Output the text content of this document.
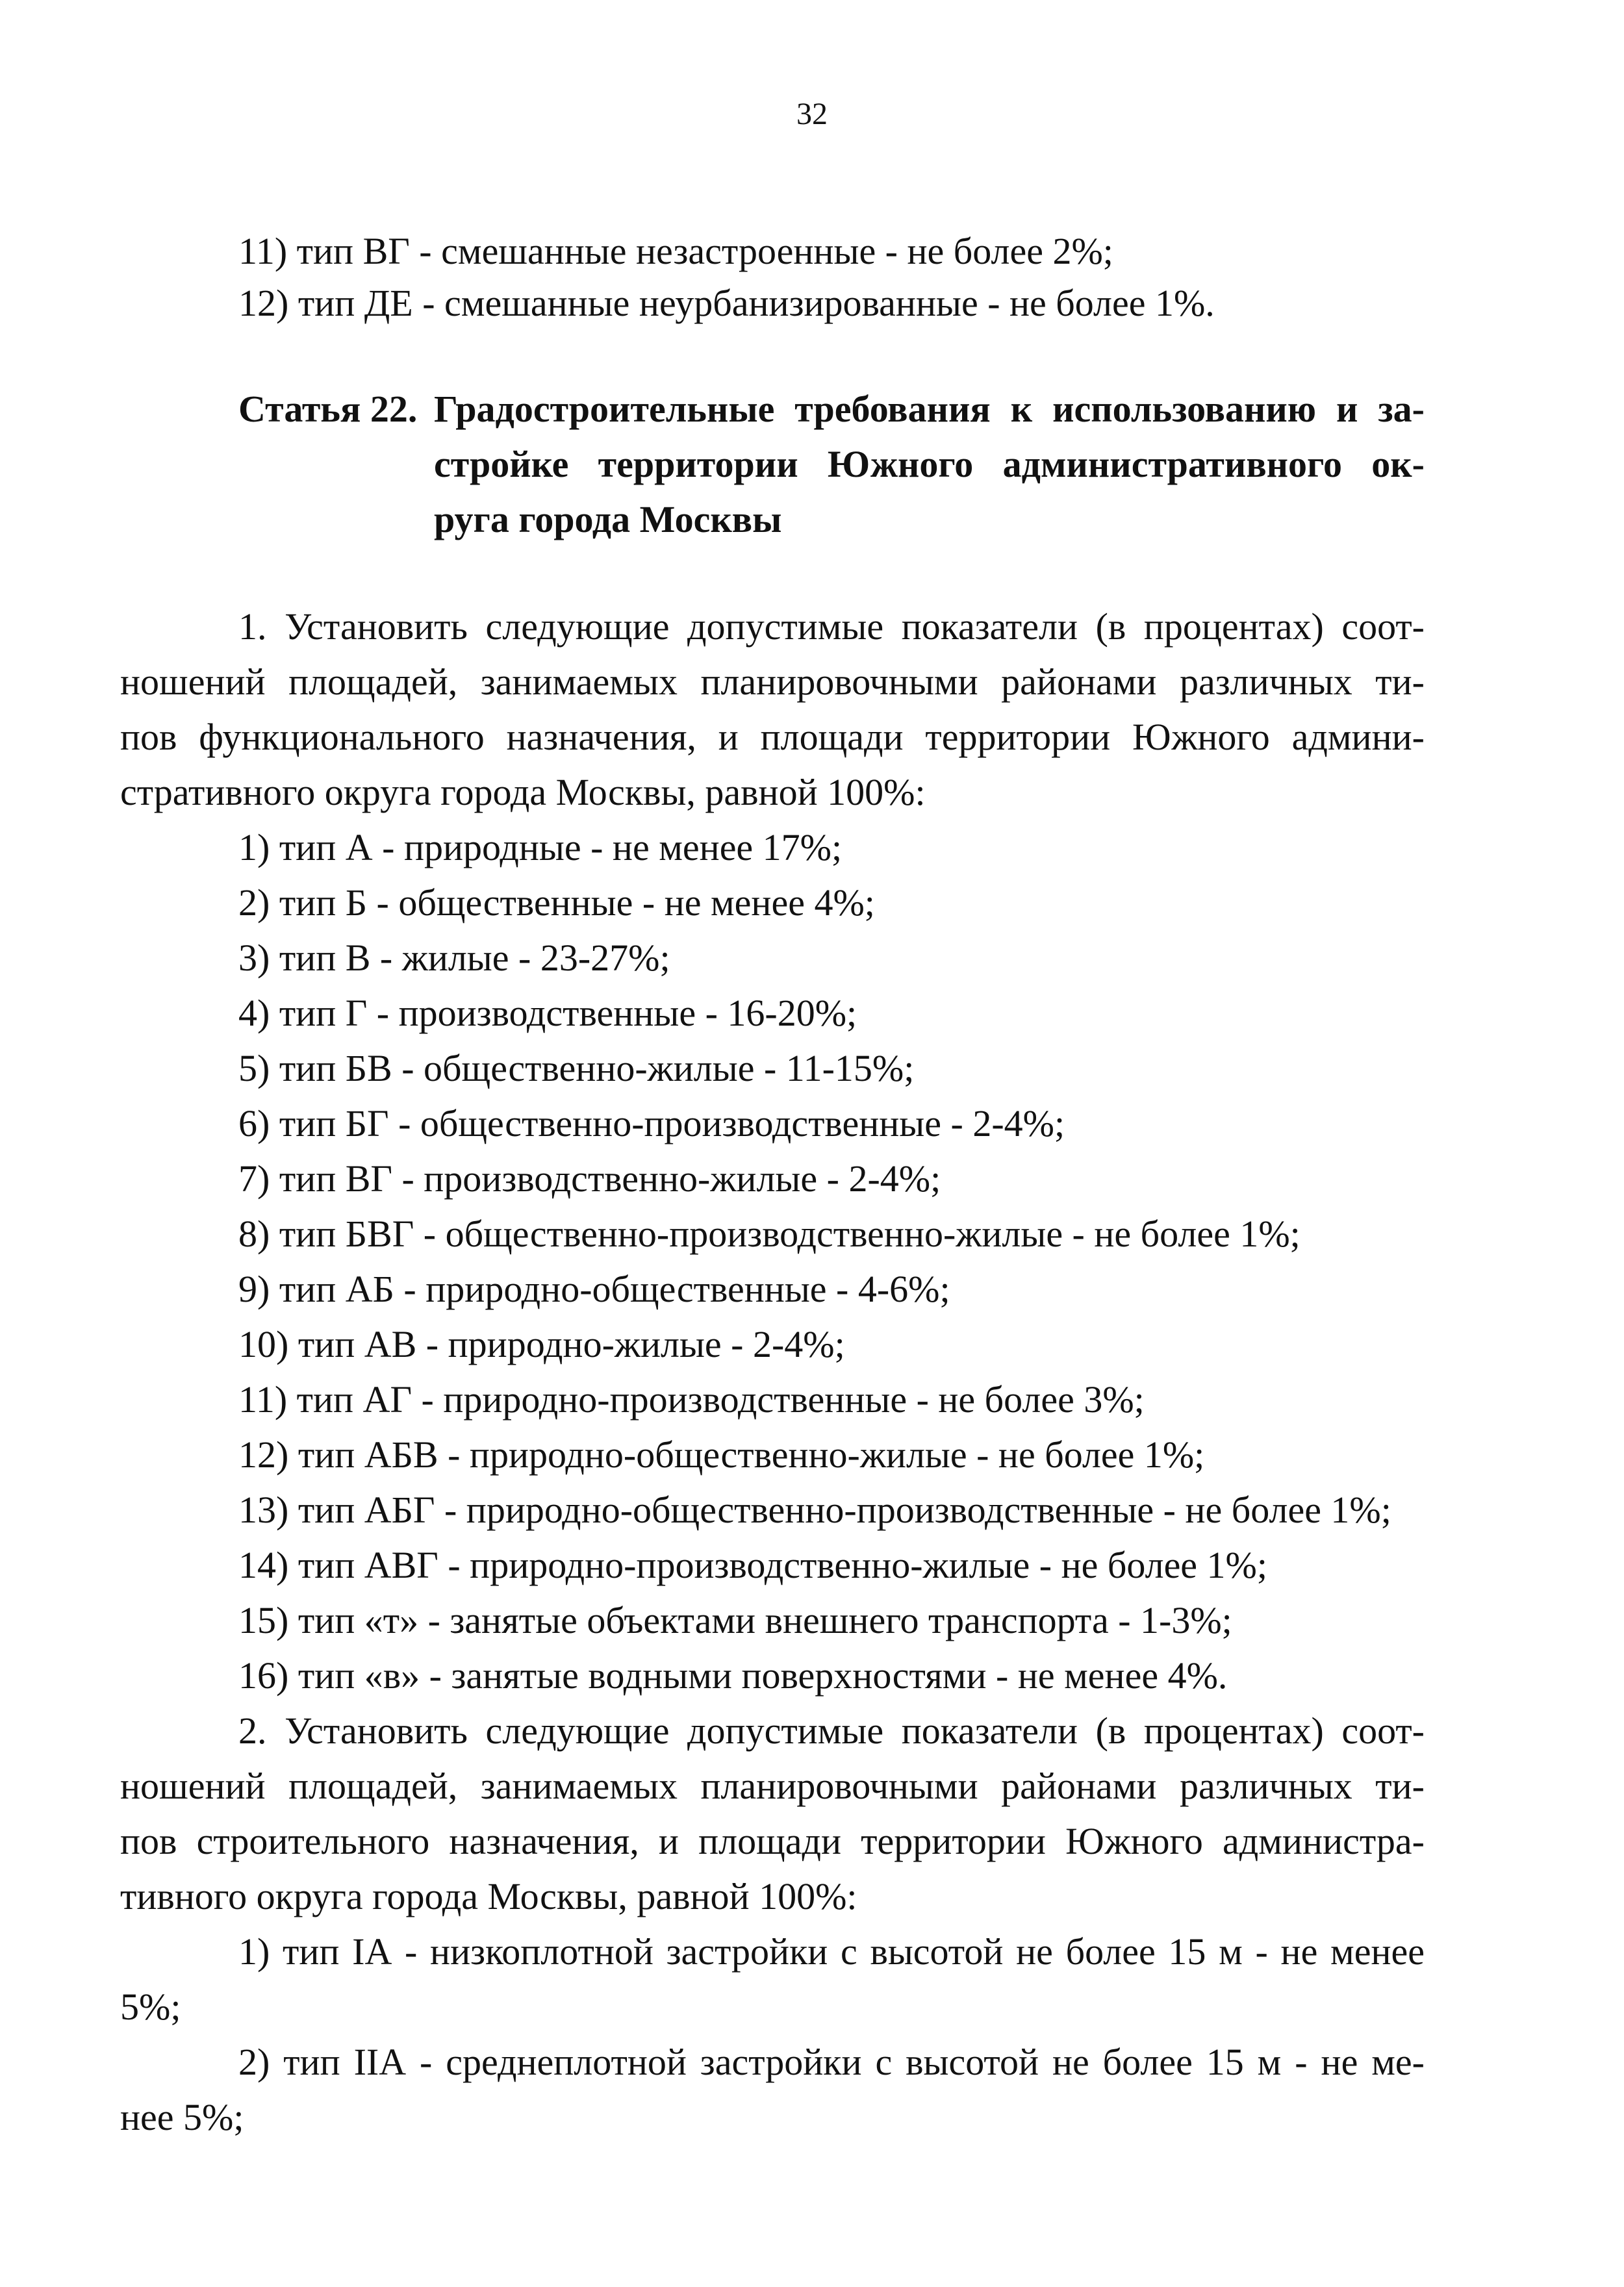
32
11) тип ВГ - смешанные незастроенные - не более 2%;
12) тип ДЕ - смешанные неурбанизированные - не более 1%.
Статья 22. Градостроительные требования к использованию и за-
стройке территории Южного административного ок-
руга города Москвы
1. Установить следующие допустимые показатели (в процентах) соот-
ношений площадей, занимаемых планировочными районами различных ти-
пов функционального назначения, и площади территории Южного админи-
стративного округа города Москвы, равной 100%:
1) тип А - природные - не менее 17%;
2) тип Б - общественные - не менее 4%;
3) тип В - жилые - 23-27%;
4) тип Г - производственные - 16-20%;
5) тип БВ - общественно-жилые - 11-15%;
6) тип БГ - общественно-производственные - 2-4%;
7) тип ВГ - производственно-жилые - 2-4%;
8) тип БВГ - общественно-производственно-жилые - не более 1%;
9) тип АБ - природно-общественные - 4-6%;
10) тип АВ - природно-жилые - 2-4%;
11) тип АГ - природно-производственные - не более 3%;
12) тип АБВ - природно-общественно-жилые - не более 1%;
13) тип АБГ - природно-общественно-производственные - не более 1%;
14) тип АВГ - природно-производственно-жилые - не более 1%;
15) тип «т» - занятые объектами внешнего транспорта - 1-3%;
16) тип «в» - занятые водными поверхностями - не менее 4%.
2. Установить следующие допустимые показатели (в процентах) соот-
ношений площадей, занимаемых планировочными районами различных ти-
пов строительного назначения, и площади территории Южного администра-
тивного округа города Москвы, равной 100%:
1) тип IА - низкоплотной застройки с высотой не более 15 м - не менее
5%;
2) тип IIА - среднеплотной застройки с высотой не более 15 м - не ме-
нее 5%;
